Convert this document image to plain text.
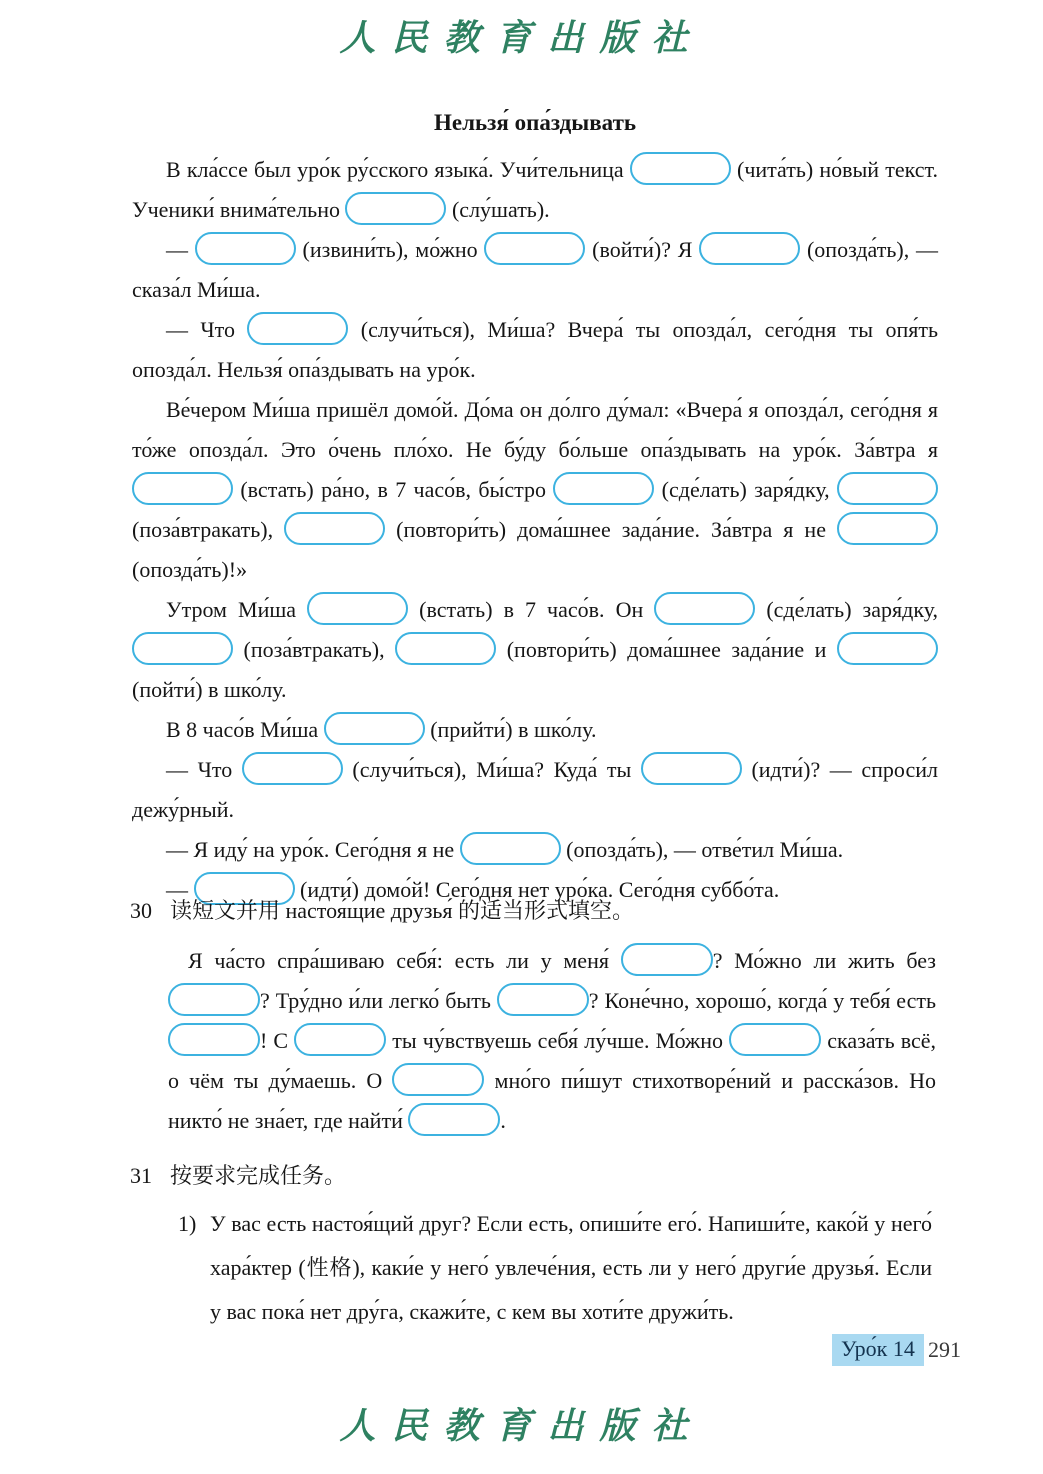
人民教育出版社
Нельзя́ опа́здывать

В кла́ссе был уро́к ру́сского языка́. Учи́тельница	(чита́ть) но́вый текст. Ученики́ внима́тельно	(слу́шать).

—	(извини́ть), мо́жно	(войти́)? Я	(опозда́ть), — сказа́л Ми́ша.

— Что	(случи́ться), Ми́ша? Вчера́ ты опозда́л, сего́дня ты опя́ть опозда́л. Нельзя́ опа́здывать на уро́к.

Ве́чером Ми́ша пришёл домо́й. До́ма он до́лго ду́мал: «Вчера́ я опозда́л, сего́дня я то́же опозда́л. Это о́чень пло́хо. Не бу́ду бо́льше опа́здывать на уро́к. За́втра я  (встать) ра́но, в 7 часо́в, бы́стро	(сде́лать) заря́дку,  (поза́втракать),	(повтори́ть) дома́шнее зада́ние. За́втра я не  (опозда́ть)!»

Утром Ми́ша	(встать) в 7 часо́в. Он	(сде́лать) заря́дку,  (поза́втракать),	(повтори́ть) дома́шнее зада́ние и  (пойти́) в шко́лу.

В 8 часо́в Ми́ша	(прийти́) в шко́лу.

— Что	(случи́ться), Ми́ша? Куда́ ты	(идти́)? — спроси́л дежу́рный.

— Я иду́ на уро́к. Сего́дня я не	(опозда́ть), — отве́тил Ми́ша.

—	(идти́) домо́й! Сего́дня нет уро́ка. Сего́дня суббо́та.

30 读短文并用 настоя́щие друзья́ 的适当形式填空。

Я ча́сто спра́шиваю себя́: есть ли у меня́	? Мо́жно ли жить без ? Тру́дно и́ли легко́ быть	? Коне́чно, хорошо́, когда́ у тебя́ есть ! С	ты чу́вствуешь себя́ лу́чше. Мо́жно	сказа́ть всё, о чём ты ду́маешь. О	мно́го пи́шут стихотворе́ний и расска́зов. Но никто́ не зна́ет, где найти́	.

31 按要求完成任务。
1) У вас есть настоя́щий друг? Если есть, опиши́те его́. Напиши́те, како́й у него́ хара́ктер (性格), каки́е у него́ увлече́ния, есть ли у него́ други́е друзья́. Если у вас пока́ нет дру́га, скажи́те, с кем вы хоти́те дружи́ть.
Уро́к 14 291
人民教育出版社
